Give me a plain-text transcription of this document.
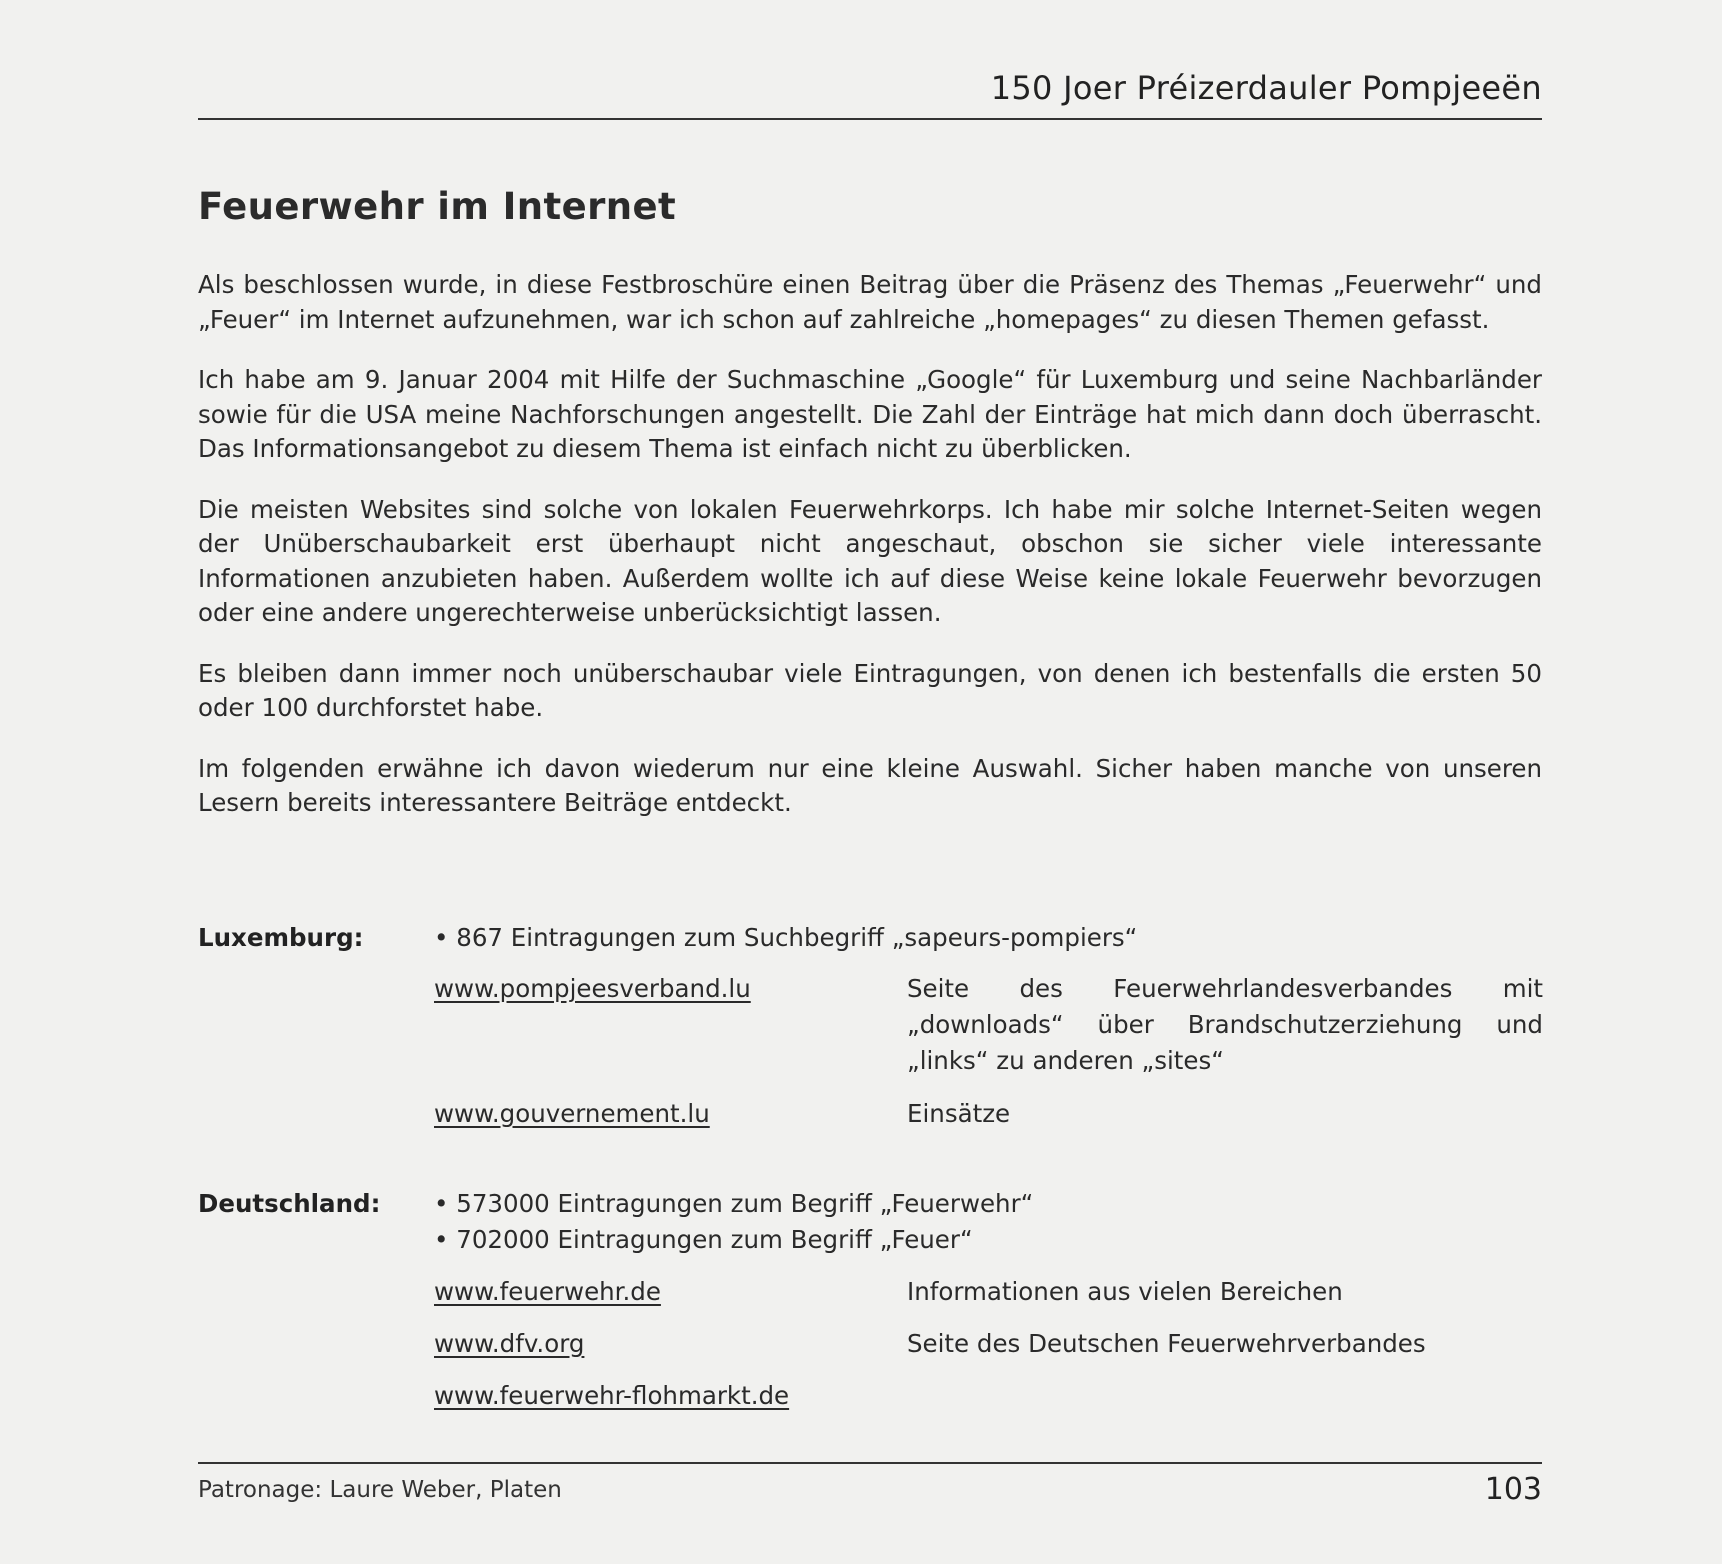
150 Joer Préizerdauler Pompjeeën
Feuerwehr im Internet

Als beschlossen wurde, in diese Festbroschüre einen Beitrag über die Präsenz des Themas „Feuerwehr“ und „Feuer“ im Internet aufzunehmen, war ich schon auf zahlreiche „homepages“ zu diesen Themen gefasst.

Ich habe am 9. Januar 2004 mit Hilfe der Suchmaschine „Google“ für Luxemburg und seine Nachbarländer sowie für die USA meine Nachforschungen angestellt. Die Zahl der Einträge hat mich dann doch überrascht. Das Informationsangebot zu diesem Thema ist einfach nicht zu überblicken.

Die meisten Websites sind solche von lokalen Feuerwehrkorps. Ich habe mir solche Internet-Seiten wegen der Unüberschaubarkeit erst überhaupt nicht angeschaut, obschon sie sicher viele interessante Informationen anzubieten haben. Außerdem wollte ich auf diese Weise keine lokale Feuerwehr bevorzugen oder eine andere ungerechterweise unberücksichtigt lassen.

Es bleiben dann immer noch unüberschaubar viele Eintragungen, von denen ich bestenfalls die ersten 50 oder 100 durchforstet habe.

Im folgenden erwähne ich davon wiederum nur eine kleine Auswahl. Sicher haben manche von unseren Lesern bereits interessantere Beiträge entdeckt.

Luxemburg:	• 867 Eintragungen zum Suchbegriff „sapeurs-pompiers“
www.pompjeesverband.lu	Seite des Feuerwehrlandesverbandes mit „downloads“ über Brandschutzerziehung und „links“ zu anderen „sites“
www.gouvernement.lu	Einsätze
Deutschland: • 573000 Eintragungen zum Begriff „Feuerwehr“
• 702000 Eintragungen zum Begriff „Feuer“
www.feuerwehr.de	Informationen aus vielen Bereichen
www.dfv.org	Seite des Deutschen Feuerwehrverbandes
www.feuerwehr-flohmarkt.de
Patronage: Laure Weber, Platen	103
